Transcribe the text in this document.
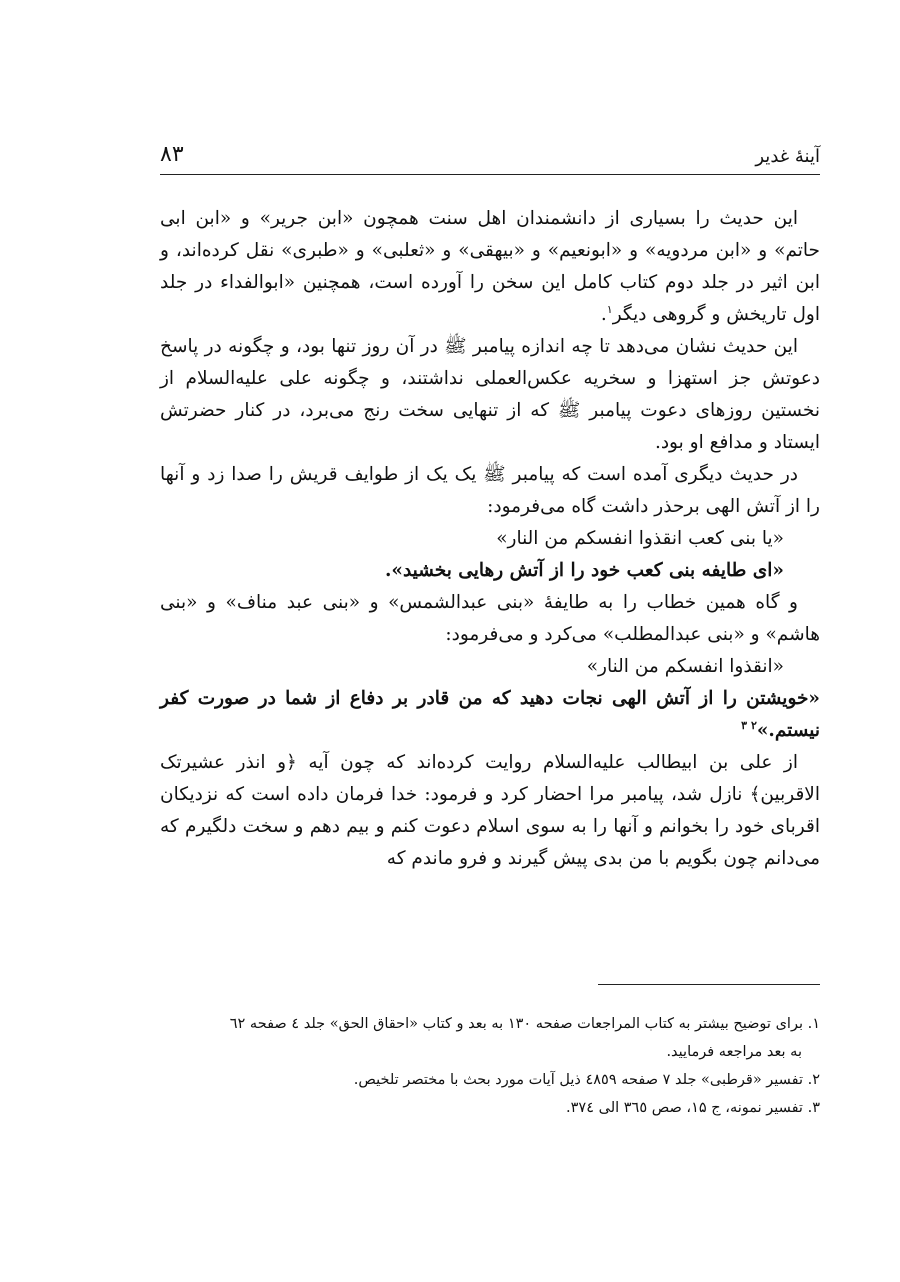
۸۳	آینهٔ غدیر

این حدیث را بسیاری از دانشمندان اهل سنت همچون «ابن جریر» و «ابن ابی حاتم» و «ابن مردویه» و «ابونعیم» و «بیهقی» و «ثعلبی» و «طبری» نقل کرده‌اند، و ابن اثیر در جلد دوم کتاب کامل این سخن را آورده است، همچنین «ابوالفداء در جلد اول تاریخش و گروهی دیگر$^۱$.

این حدیث نشان می‌دهد تا چه اندازه پیامبر ﷺ در آن روز تنها بود، و چگونه در پاسخ دعوتش جز استهزا و سخریه عکس‌العملی نداشتند، و چگونه علی علیه‌السلام از نخستین روزهای دعوت پیامبر ﷺ که از تنهایی سخت رنج می‌برد، در کنار حضرتش ایستاد و مدافع او بود.

در حدیث دیگری آمده است که پیامبر ﷺ یک یک از طوایف قریش را صدا زد و آنها را از آتش الهی برحذر داشت گاه می‌فرمود:

«یا بنی کعب انقذوا انفسکم من النار»

«ای طایفه بنی کعب خود را از آتش رهایی بخشید».

و گاه همین خطاب را به طایفهٔ «بنی عبدالشمس» و «بنی عبد مناف» و «بنی هاشم» و «بنی عبدالمطلب» می‌کرد و می‌فرمود:

«انقذوا انفسکم من النار»

«خویشتن را از آتش الهی نجات دهید که من قادر بر دفاع از شما در صورت کفر نیستم.»$^{۲ ۳}$

از علی بن ابیطالب علیه‌السلام روایت کرده‌اند که چون آیه ﴿و انذر عشیرتک الاقربین﴾ نازل شد، پیامبر مرا احضار کرد و فرمود: خدا فرمان داده است که نزدیکان اقربای خود را بخوانم و آنها را به سوی اسلام دعوت کنم و بیم دهم و سخت دلگیرم که می‌دانم چون بگویم با من بدی پیش گیرند و فرو ماندم که

۱. برای توضیح بیشتر به کتاب المراجعات صفحه ۱۳۰ به بعد و کتاب «احقاق الحق» جلد ٤ صفحه ٦٢

به بعد مراجعه فرمایید.

۲. تفسیر «قرطبی» جلد ۷ صفحه ٤٨٥٩ ذیل آیات مورد بحث با مختصر تلخیص.

۳. تفسیر نمونه، ج ۱۵، صص ۳٦٥ الی ۳۷٤.
